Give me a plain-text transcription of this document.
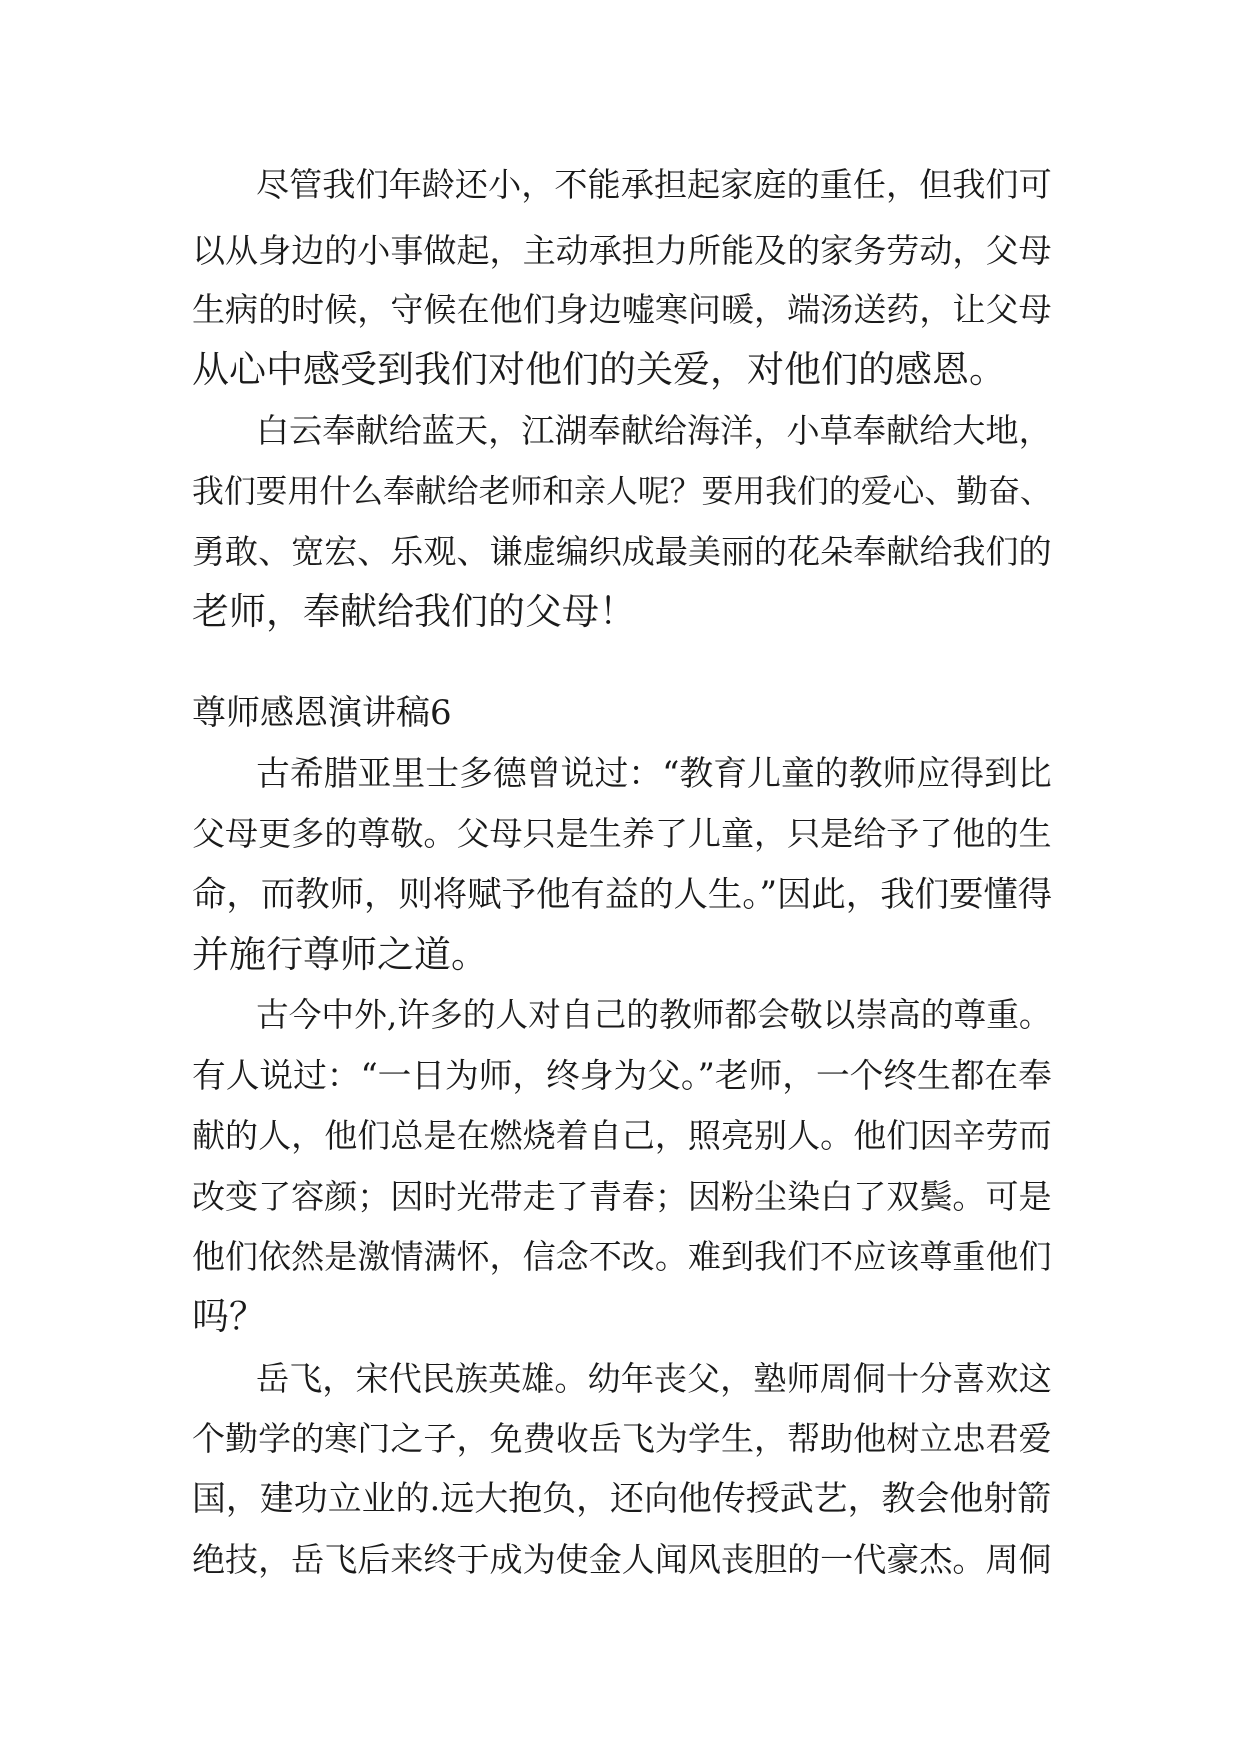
尽管我们年龄还小，不能承担起家庭的重任，但我们可
以从身边的小事做起，主动承担力所能及的家务劳动，父母
生病的时候，守候在他们身边嘘寒问暖，端汤送药，让父母
从心中感受到我们对他们的关爱，对他们的感恩。
白云奉献给蓝天，江湖奉献给海洋，小草奉献给大地，
我们要用什么奉献给老师和亲人呢？要用我们的爱心、勤奋、
勇敢、宽宏、乐观、谦虚编织成最美丽的花朵奉献给我们的
老师，奉献给我们的父母！
尊师感恩演讲稿6
古希腊亚里士多德曾说过：“教育儿童的教师应得到比
父母更多的尊敬。父母只是生养了儿童，只是给予了他的生
命，而教师，则将赋予他有益的人生。”因此，我们要懂得
并施行尊师之道。
古今中外,许多的人对自己的教师都会敬以崇高的尊重。
有人说过：“一日为师，终身为父。”老师，一个终生都在奉
献的人，他们总是在燃烧着自己，照亮别人。他们因辛劳而
改变了容颜；因时光带走了青春；因粉尘染白了双鬓。可是
他们依然是激情满怀，信念不改。难到我们不应该尊重他们
吗？
岳飞，宋代民族英雄。幼年丧父，塾师周侗十分喜欢这
个勤学的寒门之子，免费收岳飞为学生，帮助他树立忠君爱
国，建功立业的.远大抱负，还向他传授武艺，教会他射箭
绝技，岳飞后来终于成为使金人闻风丧胆的一代豪杰。周侗
